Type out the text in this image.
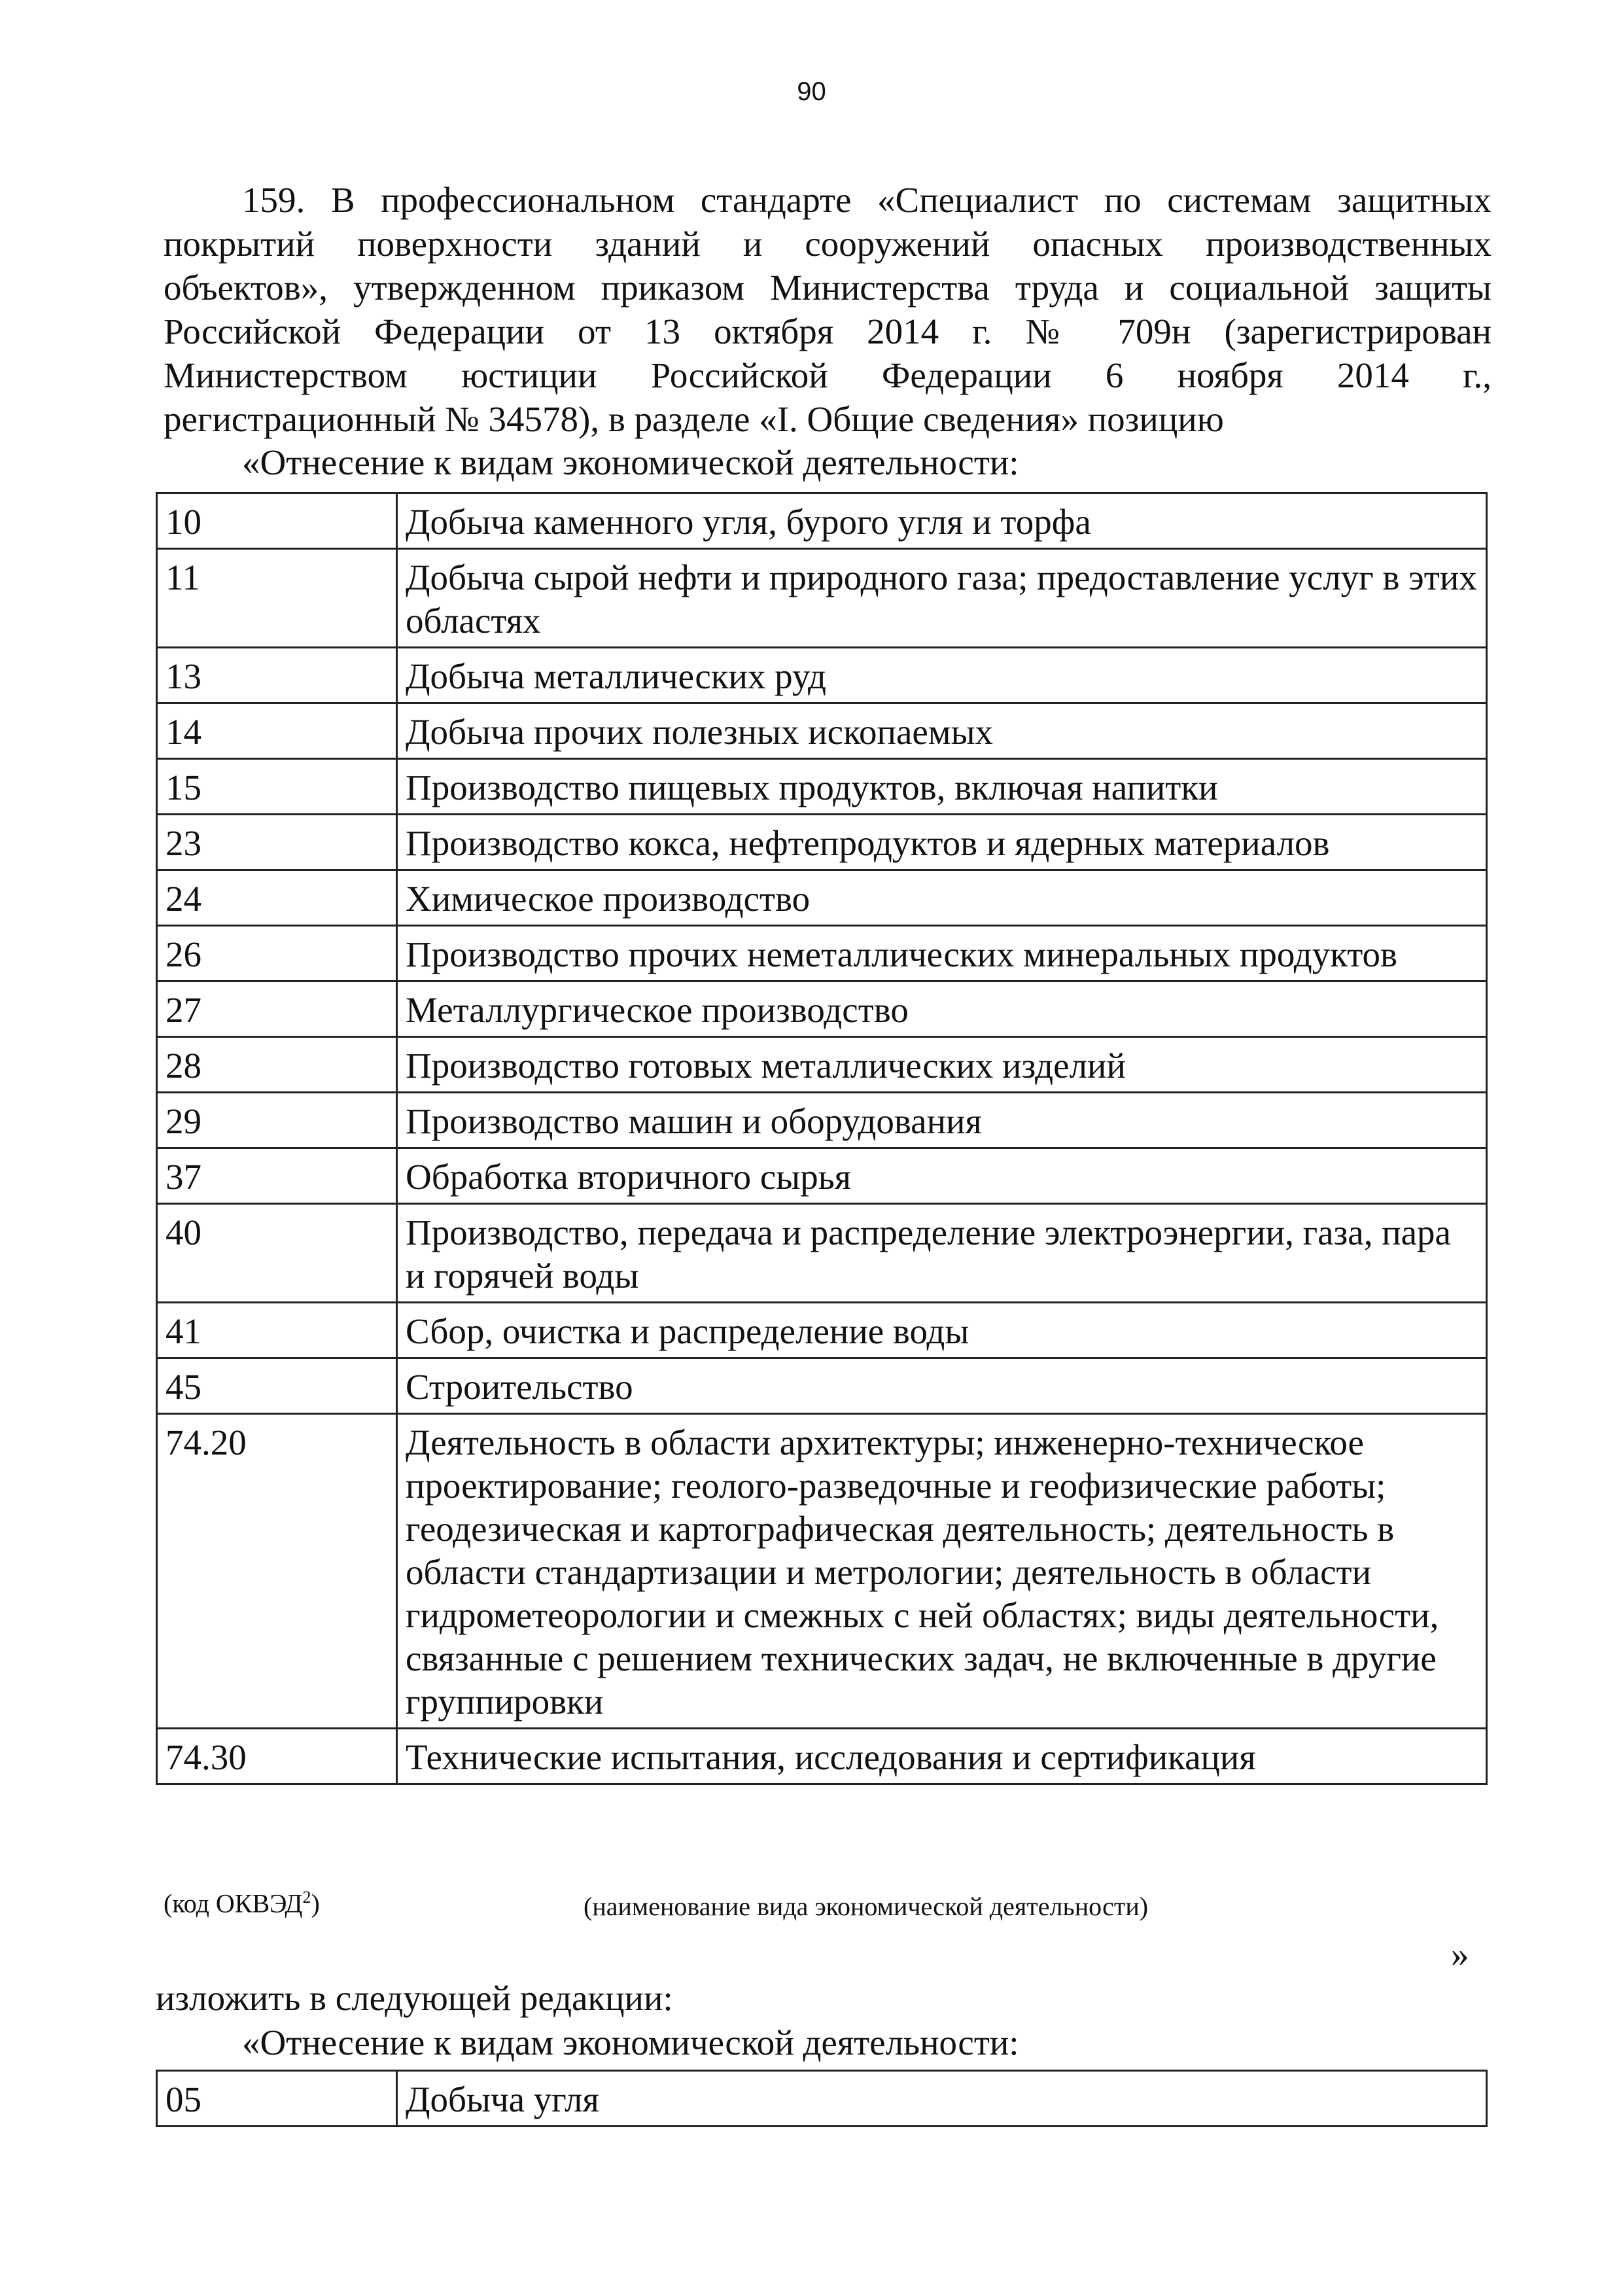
90
159. В профессиональном стандарте «Специалист по системам защитных
покрытий поверхности зданий и сооружений опасных производственных
объектов», утвержденном приказом Министерства труда и социальной защиты
Российской Федерации от 13 октября 2014 г. № 709н (зарегистрирован
Министерством юстиции Российской Федерации 6 ноября 2014 г.,
регистрационный № 34578), в разделе «I. Общие сведения» позицию
«Отнесение к видам экономической деятельности:
10	Добыча каменного угля, бурого угля и торфа
11	Добыча сырой нефти и природного газа; предоставление услуг в этих областях
13	Добыча металлических руд
14	Добыча прочих полезных ископаемых
15	Производство пищевых продуктов, включая напитки
23	Производство кокса, нефтепродуктов и ядерных материалов
24	Химическое производство
26	Производство прочих неметаллических минеральных продуктов
27	Металлургическое производство
28	Производство готовых металлических изделий
29	Производство машин и оборудования
37	Обработка вторичного сырья
40	Производство, передача и распределение электроэнергии, газа, пара и горячей воды
41	Сбор, очистка и распределение воды
45	Строительство
74.20	Деятельность в области архитектуры; инженерно-техническое проектирование; геолого-разведочные и геофизические работы; геодезическая и картографическая деятельность; деятельность в области стандартизации и метрологии; деятельность в области гидрометеорологии и смежных с ней областях; виды деятельности, связанные с решением технических задач, не включенные в другие группировки
74.30	Технические испытания, исследования и сертификация
(код ОКВЭД$^2$)	(наименование вида экономической деятельности)
»
изложить в следующей редакции:
«Отнесение к видам экономической деятельности:
05	Добыча угля
